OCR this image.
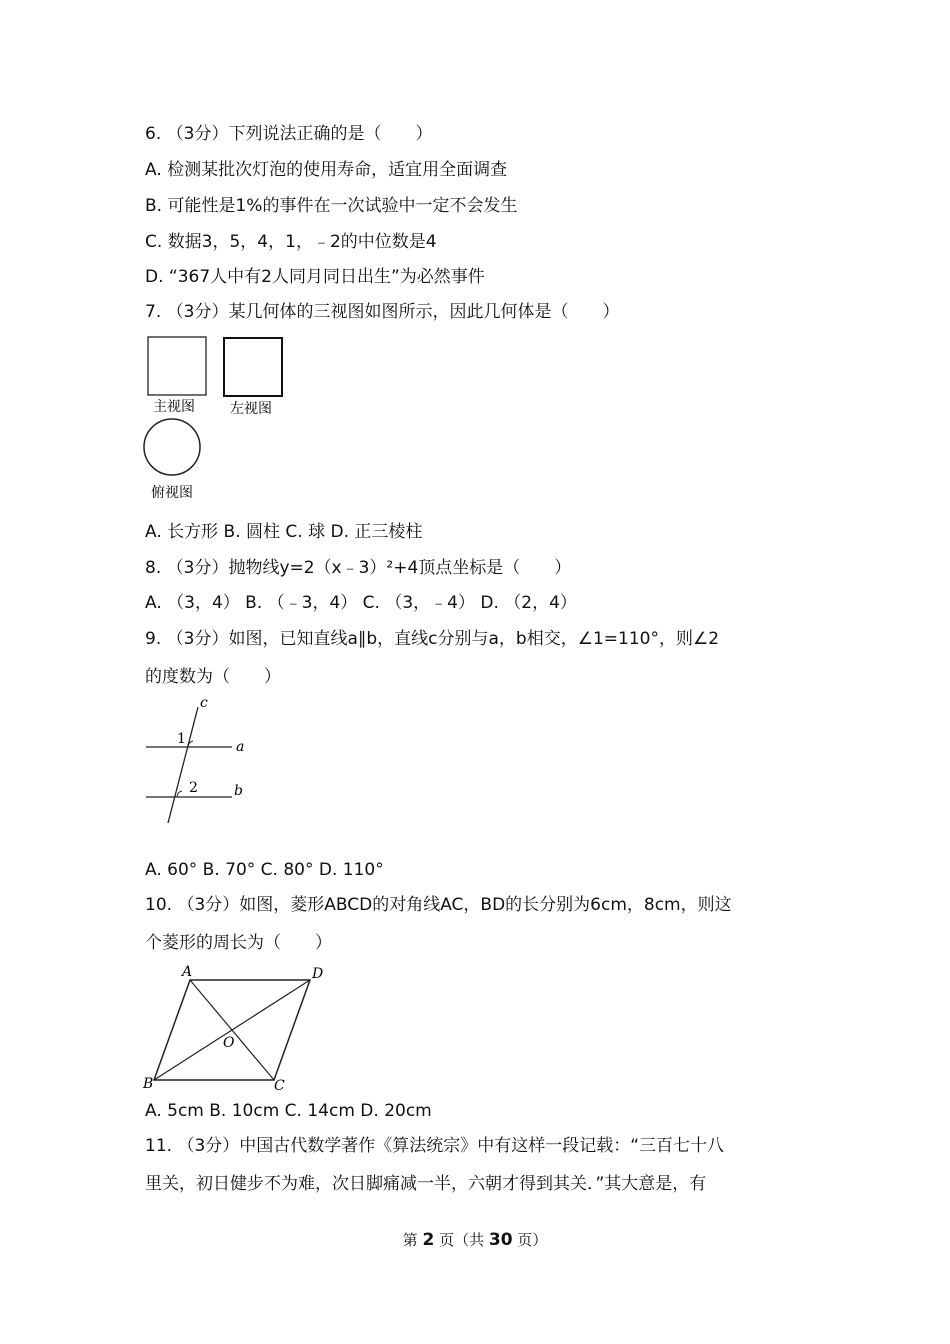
6. （3分）下列说法正确的是（　　）
A. 检测某批次灯泡的使用寿命，适宜用全面调查
B. 可能性是1%的事件在一次试验中一定不会发生
C. 数据3，5，4，1，﹣2的中位数是4
D. “367人中有2人同月同日出生”为必然事件
7. （3分）某几何体的三视图如图所示，因此几何体是（　　）
主视图	左视图
俯视图
A. 长方形 B. 圆柱 C. 球 D. 正三棱柱
8. （3分）抛物线y=2（x﹣3）²+4顶点坐标是（　　）
A. （3，4） B. （﹣3，4） C. （3，﹣4） D. （2，4）
9. （3分）如图，已知直线a∥b，直线c分别与a，b相交，∠1=110°，则∠2
的度数为（　　）
c
a
b
1
2
A. 60° B. 70° C. 80° D. 110°
10. （3分）如图，菱形ABCD的对角线AC，BD的长分别为6cm，8cm，则这
个菱形的周长为（　　）
A	D
B	C
O
A. 5cm B. 10cm C. 14cm D. 20cm
11. （3分）中国古代数学著作《算法统宗》中有这样一段记载：“三百七十八
里关，初日健步不为难，次日脚痛减一半，六朝才得到其关．”其大意是，有
第 2 页（共 30 页）
